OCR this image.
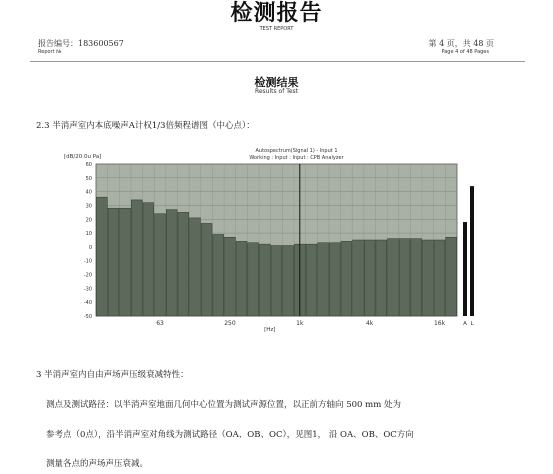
检测报告
TEST REPORT
报告编号：183600567
Report №
第 4 页，共 48 页
Page 4 of 48 Pages
检测结果
Results of Test
2.3 半消声室内本底噪声A计权1/3倍频程谱图（中心点）：
60
50
40
30
20
10
0
-10
-20
-30
-40
-50
63	250	1k	4k	16k
[dB/20.0u Pa]
[Hz]
Autospectrum(Signal 1) - Input 1
Working : Input : Input : CPB Analyzer
A L
3 半消声室内自由声场声压级衰减特性：
测点及测试路径：以半消声室地面几何中心位置为测试声源位置，以正前方轴向 500 mm 处为
参考点（0点），沿半消声室对角线为测试路径（OA、OB、OC），见图1， 沿 OA、OB、OC方向
测量各点的声场声压衰减。
